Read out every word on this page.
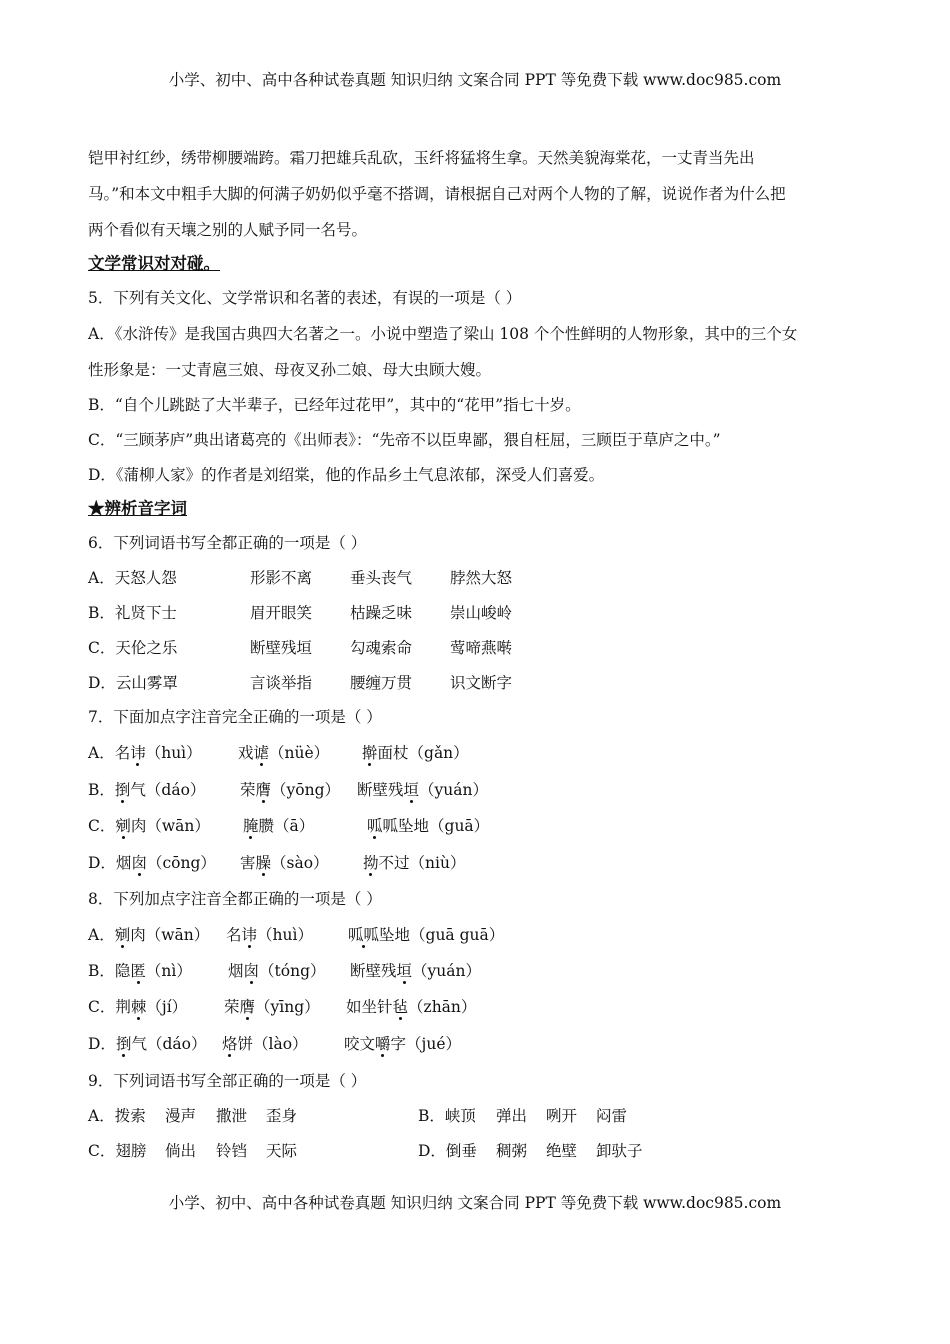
小学、初中、高中各种试卷真题 知识归纳 文案合同 PPT 等免费下载 www.doc985.com
铠甲衬红纱，绣带柳腰端跨。霜刀把雄兵乱砍，玉纤将猛将生拿。天然美貌海棠花，一丈青当先出
马。”和本文中粗手大脚的何满子奶奶似乎毫不搭调，请根据自己对两个人物的了解，说说作者为什么把
两个看似有天壤之别的人赋予同一名号。
文学常识对对碰。
5．下列有关文化、文学常识和名著的表述，有误的一项是（ ）
A．《水浒传》是我国古典四大名著之一。小说中塑造了梁山 108 个个性鲜明的人物形象，其中的三个女
性形象是：一丈青扈三娘、母夜叉孙二娘、母大虫顾大嫂。
B．“自个儿跳跶了大半辈子，已经年过花甲”，其中的“花甲”指七十岁。
C．“三顾茅庐”典出诸葛亮的《出师表》：“先帝不以臣卑鄙，猥自枉屈，三顾臣于草庐之中。”
D．《蒲柳人家》的作者是刘绍棠，他的作品乡土气息浓郁，深受人们喜爱。
★辨析音字词
6．下列词语书写全都正确的一项是（ ）
A．天怒人怨	形影不离 垂头丧气 脖然大怒
B．礼贤下士	眉开眼笑 枯躁乏味 崇山峻岭
C．天伦之乐	断壁残垣 勾魂索命 莺啼燕啭
D．云山雾罩	言谈举指 腰缠万贯 识文断字
7．下面加点字注音完全正确的一项是（ ）
A．名讳（huì） 戏谑（nüè） 擀面杖（gǎn）
B．捯气（dáo） 荣膺（yōng） 断壁残垣（yuán）
C．剜肉（wān） 腌臜（ā）	呱呱坠地（guā）
D．烟囱（cōng） 害臊（sào） 拗不过（niù）
8．下列加点字注音全都正确的一项是（ ）
A．剜肉（wān） 名讳（huì） 呱呱坠地（guā guā）
B．隐匿（nì） 烟囱（tóng） 断壁残垣（yuán）
C．荆棘（jí） 荣膺（yīng） 如坐针毡（zhān）
D．捯气（dáo） 烙饼（lào） 咬文嚼字（jué）
9．下列词语书写全部正确的一项是（ ）
A．拨索 漫声 撒泄 歪身	B．峡顶 弹出 咧开 闷雷
C．翅膀 倘出 铃铛 天际	D．倒垂 稠粥 绝壁 卸驮子
小学、初中、高中各种试卷真题 知识归纳 文案合同 PPT 等免费下载 www.doc985.com
